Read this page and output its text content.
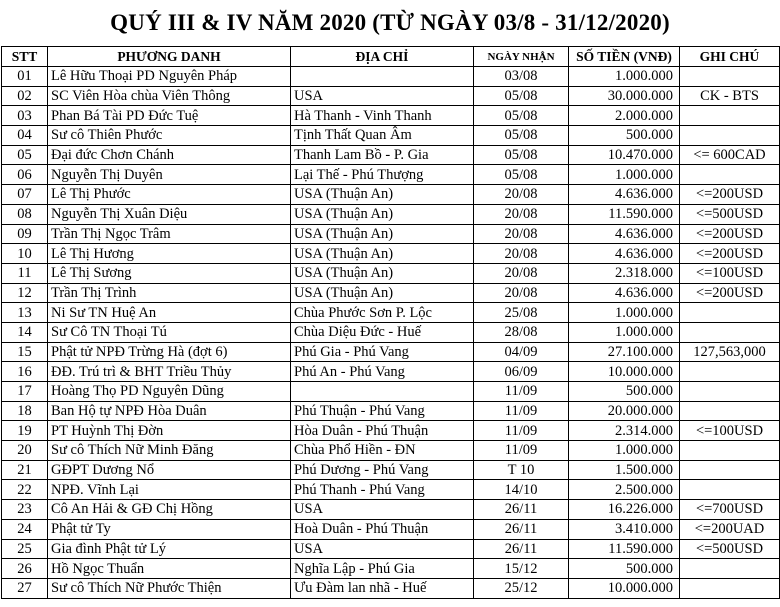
QUÝ III & IV NĂM 2020 (TỪ NGÀY 03/8 - 31/12/2020)
STT	PHƯƠNG DANH	ĐỊA CHỈ	NGÀY NHẬN	SỐ TIỀN (VNĐ)	GHI CHÚ
01	Lê Hữu Thoại PD Nguyên Pháp		03/08	1.000.000	
02	SC Viên Hòa chùa Viên Thông	USA	05/08	30.000.000	CK - BTS
03	Phan Bá Tài PD Đức Tuệ	Hà Thanh - Vinh Thanh	05/08	2.000.000	
04	Sư cô Thiên Phước	Tịnh Thất Quan Âm	05/08	500.000	
05	Đại đức Chơn Chánh	Thanh Lam Bồ - P. Gia	05/08	10.470.000	<= 600CAD
06	Nguyễn Thị Duyên	Lại Thế - Phú Thượng	05/08	1.000.000	
07	Lê Thị Phước	USA (Thuận An)	20/08	4.636.000	<=200USD
08	Nguyễn Thị Xuân Diệu	USA (Thuận An)	20/08	11.590.000	<=500USD
09	Trần Thị Ngọc Trâm	USA (Thuận An)	20/08	4.636.000	<=200USD
10	Lê Thị Hương	USA (Thuận An)	20/08	4.636.000	<=200USD
11	Lê Thị Sương	USA (Thuận An)	20/08	2.318.000	<=100USD
12	Trần Thị Trình	USA (Thuận An)	20/08	4.636.000	<=200USD
13	Ni Sư TN Huệ An	Chùa Phước Sơn P. Lộc	25/08	1.000.000	
14	Sư Cô TN Thoại Tú	Chùa Diệu Đức - Huế	28/08	1.000.000	
15	Phật tử NPĐ Trừng Hà (đợt 6)	Phú Gia - Phú Vang	04/09	27.100.000	127,563,000
16	ĐĐ. Trú trì & BHT Triều Thủy	Phú An - Phú Vang	06/09	10.000.000	
17	Hoàng Thọ PD Nguyên Dũng		11/09	500.000	
18	Ban Hộ tự NPĐ Hòa Duân	Phú Thuận - Phú Vang	11/09	20.000.000	
19	PT Huỳnh Thị Đờn	Hòa Duân - Phú Thuận	11/09	2.314.000	<=100USD
20	Sư cô Thích Nữ Minh Đăng	Chùa Phổ Hiền - ĐN	11/09	1.000.000	
21	GĐPT Dương Nổ	Phú Dương - Phú Vang	T 10	1.500.000	
22	NPĐ. Vĩnh Lại	Phú Thanh - Phú Vang	14/10	2.500.000	
23	Cô An Hải & GĐ Chị Hồng	USA	26/11	16.226.000	<=700USD
24	Phật tử Ty	Hoà Duân - Phú Thuận	26/11	3.410.000	<=200UAD
25	Gia đình Phật tử Lý	USA	26/11	11.590.000	<=500USD
26	Hồ Ngọc Thuẩn	Nghĩa Lập - Phú Gia	15/12	500.000	
27	Sư cô Thích Nữ Phước Thiện	Ưu Đàm lan nhã - Huế	25/12	10.000.000	
